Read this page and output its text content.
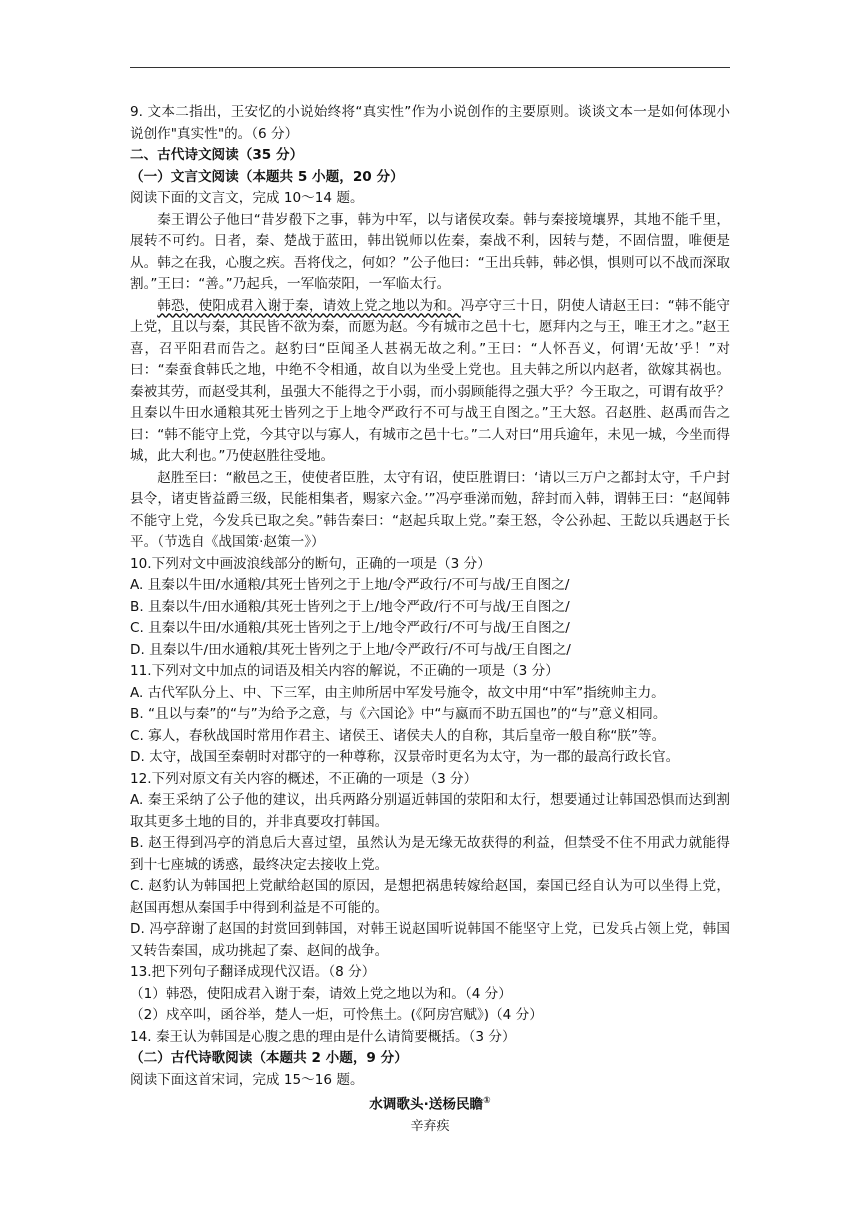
9. 文本二指出，王安忆的小说始终将“真实性”作为小说创作的主要原则。谈谈文本一是如何体现小说创作"真实性"的。（6 分）

二、古代诗文阅读（35 分）

（一）文言文阅读（本题共 5 小题，20 分）

阅读下面的文言文，完成 10～14 题。

秦王谓公子他曰“昔岁殽下之事，韩为中军，以与诸侯攻秦。韩与秦接境壤界，其地不能千里，展转不可约。日者，秦、楚战于蓝田，韩出锐师以佐秦，秦战不利，因转与楚，不固信盟，唯便是从。韩之在我，心腹之疾。吾将伐之，何如？”公子他曰：“王出兵韩，韩必惧，惧则可以不战而深取割。”王曰：“善。”乃起兵，一军临荥阳，一军临太行。

韩恐，使阳成君入谢于秦，请效上党之地以为和。冯亭守三十日，阴使人请赵王曰：“韩不能守上党，且以与秦，其民皆不欲为秦，而愿为赵。今有城市之邑十七，愿拜内之与王，唯王才之。”赵王喜，召平阳君而告之。赵豹曰“臣闻圣人甚祸无故之利。”王曰：“人怀吾义，何谓‘无故’乎！”对曰：“秦蚕食韩氏之地，中绝不令相通，故自以为坐受上党也。且夫韩之所以内赵者，欲嫁其祸也。秦被其劳，而赵受其利，虽强大不能得之于小弱，而小弱顾能得之强大乎？今王取之，可谓有故乎？且秦以牛田水通粮其死士皆列之于上地令严政行不可与战王自图之。”王大怒。召赵胜、赵禹而告之曰：“韩不能守上党，今其守以与寡人，有城市之邑十七。”二人对曰“用兵逾年，未见一城，今坐而得城，此大利也。”乃使赵胜往受地。

赵胜至曰：“敝邑之王，使使者臣胜，太守有诏，使臣胜谓曰：‘请以三万户之都封太守，千户封县令，诸吏皆益爵三级，民能相集者，赐家六金。’”冯亭垂涕而勉，辞封而入韩，谓韩王曰：“赵闻韩不能守上党，今发兵已取之矣。”韩告秦曰：“赵起兵取上党。”秦王怒，令公孙起、王龁以兵遇赵于长平。（节选自《战国策·赵策一》）

10.下列对文中画波浪线部分的断句，正确的一项是（3 分）

A. 且秦以牛田/水通粮/其死士皆列之于上地/令严政行/不可与战/王自图之/

B. 且秦以牛/田水通粮/其死士皆列之于上/地令严政/行不可与战/王自图之/

C. 且秦以牛田/水通粮/其死士皆列之于上/地令严政行/不可与战/王自图之/

D. 且秦以牛/田水通粮/其死士皆列之于上地/令严政行/不可与战/王自图之/

11.下列对文中加点的词语及相关内容的解说，不正确的一项是（3 分）

A. 古代军队分上、中、下三军，由主帅所居中军发号施令，故文中用“中军”指统帅主力。

B. “且以与秦”的“与”为给予之意，与《六国论》中“与嬴而不助五国也”的“与”意义相同。

C. 寡人，春秋战国时常用作君主、诸侯王、诸侯夫人的自称，其后皇帝一般自称“朕”等。

D. 太守，战国至秦朝时对郡守的一种尊称，汉景帝时更名为太守，为一郡的最高行政长官。

12.下列对原文有关内容的概述，不正确的一项是（3 分）

A. 秦王采纳了公子他的建议，出兵两路分别逼近韩国的荥阳和太行，想要通过让韩国恐惧而达到割取其更多土地的目的，并非真要攻打韩国。

B. 赵王得到冯亭的消息后大喜过望，虽然认为是无缘无故获得的利益，但禁受不住不用武力就能得到十七座城的诱惑，最终决定去接收上党。

C. 赵豹认为韩国把上党献给赵国的原因，是想把祸患转嫁给赵国，秦国已经自认为可以坐得上党，赵国再想从秦国手中得到利益是不可能的。

D. 冯亭辞谢了赵国的封赏回到韩国，对韩王说赵国听说韩国不能坚守上党，已发兵占领上党，韩国又转告秦国，成功挑起了秦、赵间的战争。

13.把下列句子翻译成现代汉语。（8 分）

（1）韩恐，使阳成君入谢于秦，请效上党之地以为和。（4 分）

（2）戍卒叫，函谷举，楚人一炬，可怜焦土。(《阿房宫赋》)（4 分）

14. 秦王认为韩国是心腹之患的理由是什么请简要概括。（3 分）

（二）古代诗歌阅读（本题共 2 小题，9 分）

阅读下面这首宋词，完成 15～16 题。

水调歌头·送杨民瞻①

辛弃疾
